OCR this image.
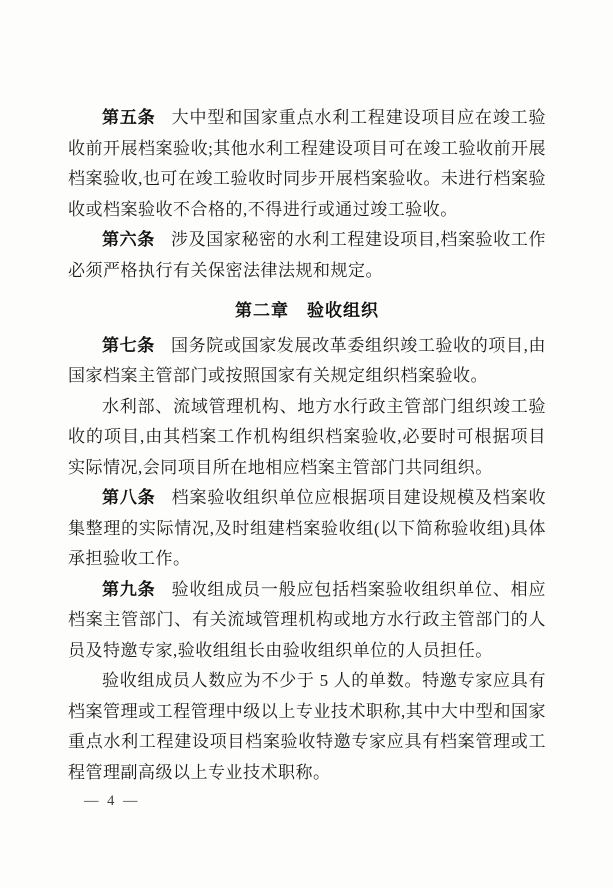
第五条 大中型和国家重点水利工程建设项目应在竣工验收前开展档案验收;其他水利工程建设项目可在竣工验收前开展档案验收,也可在竣工验收时同步开展档案验收。未进行档案验收或档案验收不合格的,不得进行或通过竣工验收。

第六条 涉及国家秘密的水利工程建设项目,档案验收工作必须严格执行有关保密法律法规和规定。

第二章　验收组织

第七条 国务院或国家发展改革委组织竣工验收的项目,由国家档案主管部门或按照国家有关规定组织档案验收。

水利部、流域管理机构、地方水行政主管部门组织竣工验收的项目,由其档案工作机构组织档案验收,必要时可根据项目实际情况,会同项目所在地相应档案主管部门共同组织。

第八条 档案验收组织单位应根据项目建设规模及档案收集整理的实际情况,及时组建档案验收组(以下简称验收组)具体承担验收工作。

第九条 验收组成员一般应包括档案验收组织单位、相应档案主管部门、有关流域管理机构或地方水行政主管部门的人员及特邀专家,验收组组长由验收组织单位的人员担任。

验收组成员人数应为不少于 5 人的单数。特邀专家应具有档案管理或工程管理中级以上专业技术职称,其中大中型和国家重点水利工程建设项目档案验收特邀专家应具有档案管理或工程管理副高级以上专业技术职称。

— 4 —
